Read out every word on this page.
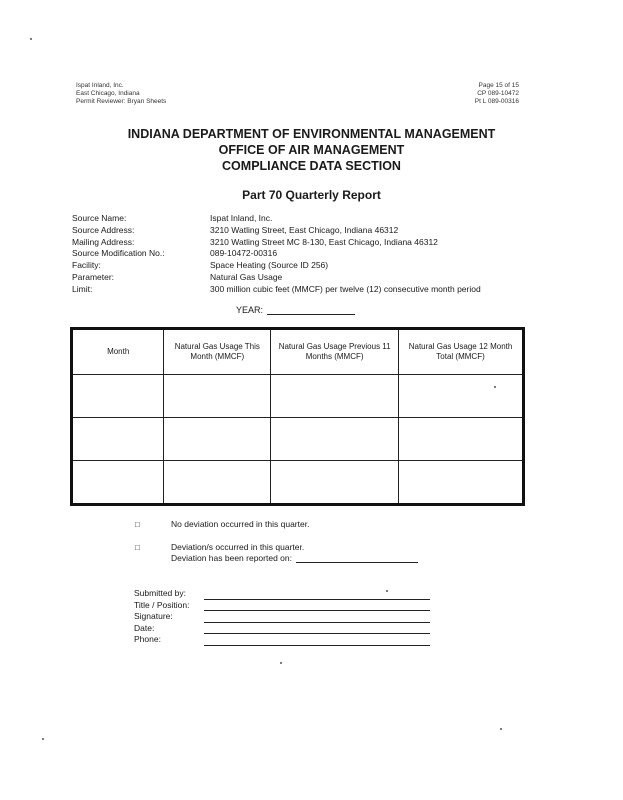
Ispat Inland, Inc.
East Chicago, Indiana
Permit Reviewer: Bryan Sheets
Page 15 of 15
CP 089-10472
Pt L 089-00316
INDIANA DEPARTMENT OF ENVIRONMENTAL MANAGEMENT
OFFICE OF AIR MANAGEMENT
COMPLIANCE DATA SECTION
Part 70 Quarterly Report
Source Name:	Ispat Inland, Inc.
Source Address:	3210 Watling Street, East Chicago, Indiana 46312
Mailing Address:	3210 Watling Street MC 8-130, East Chicago, Indiana 46312
Source Modification No.:	089-10472-00316
Facility:	Space Heating (Source ID 256)
Parameter:	Natural Gas Usage
Limit:	300 million cubic feet (MMCF) per twelve (12) consecutive month period
YEAR:
Month	Natural Gas Usage This Month (MMCF)	Natural Gas Usage Previous 11 Months (MMCF)	Natural Gas Usage 12 Month Total (MMCF)

□	No deviation occurred in this quarter.
□	Deviation/s occurred in this quarter.
Deviation has been reported on:
Submitted by:
Title / Position:
Signature:
Date:
Phone:
